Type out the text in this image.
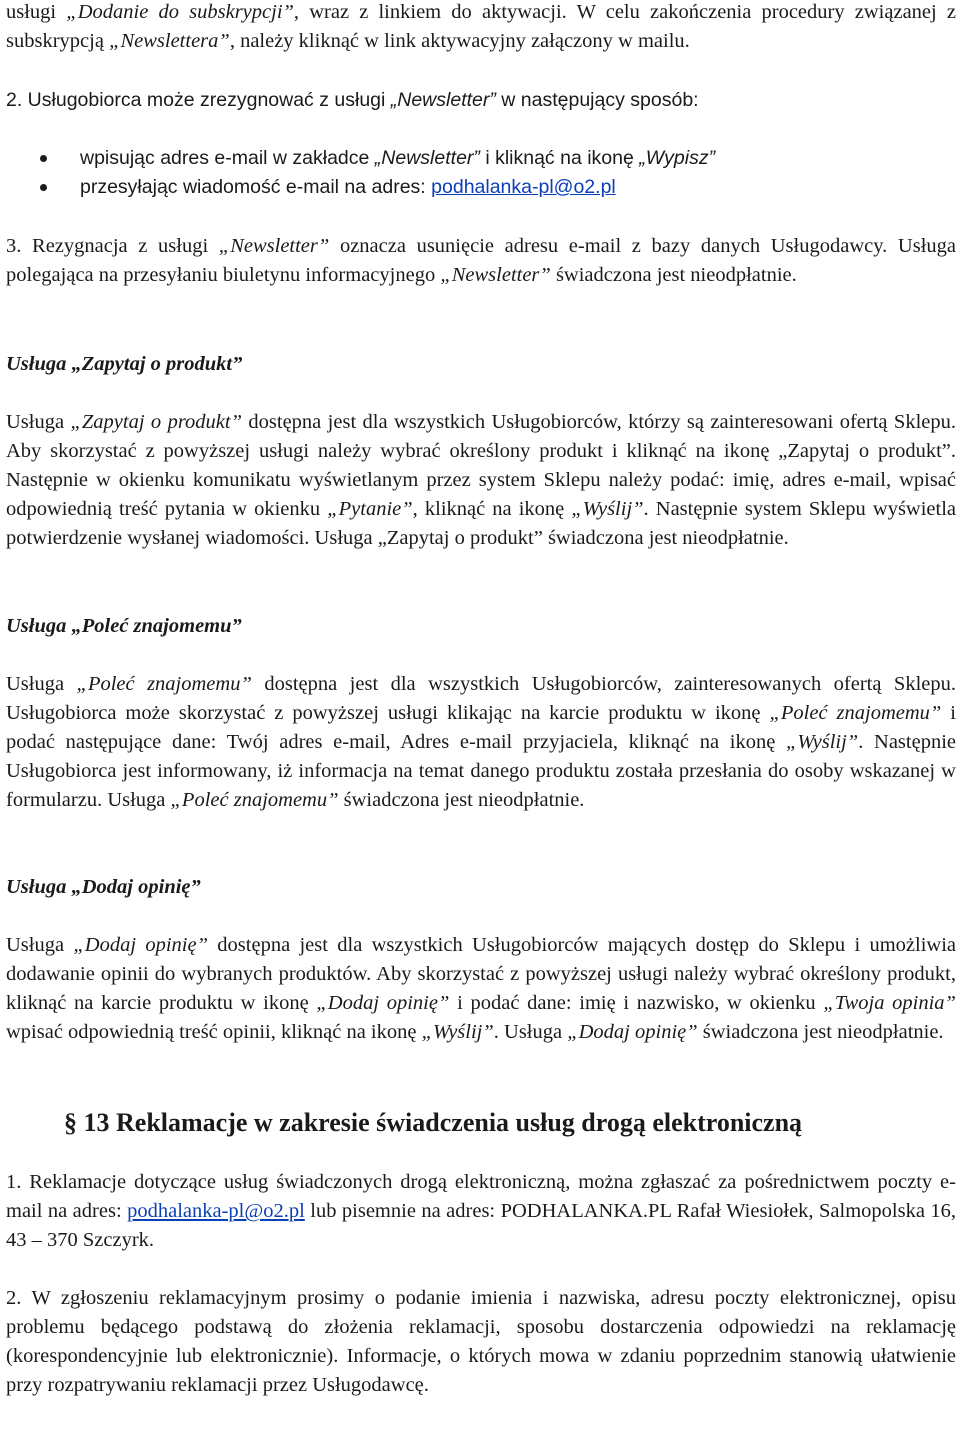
usługi „Dodanie do subskrypcji”, wraz z linkiem do aktywacji. W celu zakończenia procedury związanej z subskrypcją „Newslettera”, należy kliknąć w link aktywacyjny załączony w mailu.

2. Usługobiorca może zrezygnować z usługi „Newsletter” w następujący sposób:

wpisując adres e-mail w zakładce „Newsletter” i kliknąć na ikonę „Wypisz”
przesyłając wiadomość e-mail na adres: podhalanka-pl@o2.pl

3. Rezygnacja z usługi „Newsletter” oznacza usunięcie adresu e-mail z bazy danych Usługodawcy. Usługa polegająca na przesyłaniu biuletynu informacyjnego „Newsletter” świadczona jest nieodpłatnie.

Usługa „Zapytaj o produkt”

Usługa „Zapytaj o produkt” dostępna jest dla wszystkich Usługobiorców, którzy są zainteresowani ofertą Sklepu. Aby skorzystać z powyższej usługi należy wybrać określony produkt i kliknąć na ikonę „Zapytaj o produkt”. Następnie w okienku komunikatu wyświetlanym przez system Sklepu należy podać: imię, adres e-mail, wpisać odpowiednią treść pytania w okienku „Pytanie”, kliknąć na ikonę „Wyślij”. Następnie system Sklepu wyświetla potwierdzenie wysłanej wiadomości. Usługa „Zapytaj o produkt” świadczona jest nieodpłatnie.

Usługa „Poleć znajomemu”

Usługa „Poleć znajomemu” dostępna jest dla wszystkich Usługobiorców, zainteresowanych ofertą Sklepu. Usługobiorca może skorzystać z powyższej usługi klikając na karcie produktu w ikonę „Poleć znajomemu” i podać następujące dane: Twój adres e-mail, Adres e-mail przyjaciela, kliknąć na ikonę „Wyślij”. Następnie Usługobiorca jest informowany, iż informacja na temat danego produktu została przesłania do osoby wskazanej w formularzu. Usługa „Poleć znajomemu” świadczona jest nieodpłatnie.

Usługa „Dodaj opinię”

Usługa „Dodaj opinię” dostępna jest dla wszystkich Usługobiorców mających dostęp do Sklepu i umożliwia dodawanie opinii do wybranych produktów. Aby skorzystać z powyższej usługi należy wybrać określony produkt, kliknąć na karcie produktu w ikonę „Dodaj opinię” i podać dane: imię i nazwisko, w okienku „Twoja opinia” wpisać odpowiednią treść opinii, kliknąć na ikonę „Wyślij”. Usługa „Dodaj opinię” świadczona jest nieodpłatnie.

§ 13 Reklamacje w zakresie świadczenia usług drogą elektroniczną

1. Reklamacje dotyczące usług świadczonych drogą elektroniczną, można zgłaszać za pośrednictwem poczty e-mail na adres: podhalanka-pl@o2.pl lub pisemnie na adres: PODHALANKA.PL Rafał Wiesiołek, Salmopolska 16, 43 – 370 Szczyrk.

2. W zgłoszeniu reklamacyjnym prosimy o podanie imienia i nazwiska, adresu poczty elektronicznej, opisu problemu będącego podstawą do złożenia reklamacji, sposobu dostarczenia odpowiedzi na reklamację (korespondencyjnie lub elektronicznie). Informacje, o których mowa w zdaniu poprzednim stanowią ułatwienie przy rozpatrywaniu reklamacji przez Usługodawcę.
